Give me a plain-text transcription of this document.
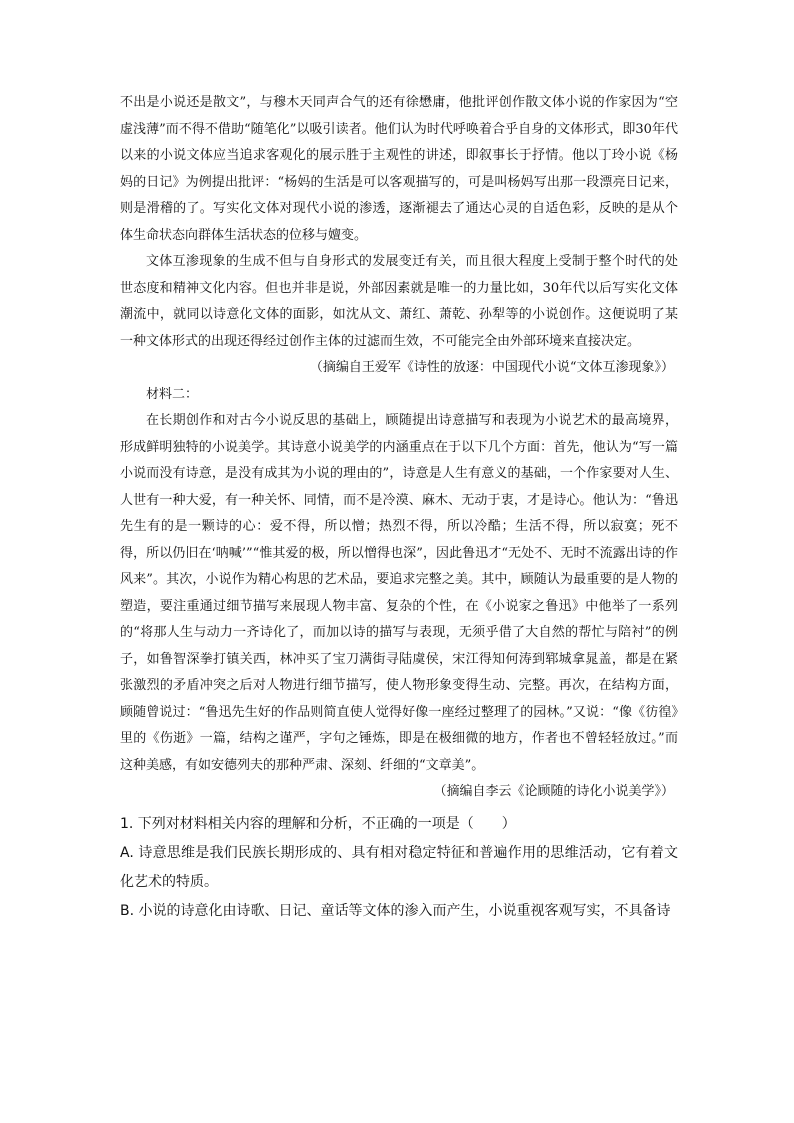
不出是小说还是散文”，与穆木天同声合气的还有徐懋庸，他批评创作散文体小说的作家因为“空虚浅薄”而不得不借助“随笔化”以吸引读者。他们认为时代呼唤着合乎自身的文体形式，即30年代以来的小说文体应当追求客观化的展示胜于主观性的讲述，即叙事长于抒情。他以丁玲小说《杨妈的日记》为例提出批评：“杨妈的生活是可以客观描写的，可是叫杨妈写出那一段漂亮日记来，则是滑稽的了。写实化文体对现代小说的渗透，逐渐褪去了通达心灵的自适色彩，反映的是从个体生命状态向群体生活状态的位移与嬗变。

文体互渗现象的生成不但与自身形式的发展变迁有关，而且很大程度上受制于整个时代的处世态度和精神文化内容。但也并非是说，外部因素就是唯一的力量比如，30年代以后写实化文体潮流中，就同以诗意化文体的面影，如沈从文、萧红、萧乾、孙犁等的小说创作。这便说明了某一种文体形式的出现还得经过创作主体的过滤而生效，不可能完全由外部环境来直接决定。

（摘编自王爱军《诗性的放逐：中国现代小说“文体互渗现象》）

材料二：

在长期创作和对古今小说反思的基础上，顾随提出诗意描写和表现为小说艺术的最高境界，形成鲜明独特的小说美学。其诗意小说美学的内涵重点在于以下几个方面：首先，他认为“写一篇小说而没有诗意，是没有成其为小说的理由的”，诗意是人生有意义的基础，一个作家要对人生、人世有一种大爱，有一种关怀、同情，而不是冷漠、麻木、无动于衷，才是诗心。他认为：“鲁迅先生有的是一颗诗的心：爱不得，所以憎；热烈不得，所以冷酷；生活不得，所以寂寞；死不得，所以仍旧在‘呐喊’”“惟其爱的极，所以憎得也深”，因此鲁迅才“无处不、无时不流露出诗的作风来”。其次，小说作为精心构思的艺术品，要追求完整之美。其中，顾随认为最重要的是人物的塑造，要注重通过细节描写来展现人物丰富、复杂的个性，在《小说家之鲁迅》中他举了一系列的“将那人生与动力一齐诗化了，而加以诗的描写与表现，无须乎借了大自然的帮忙与陪衬”的例子，如鲁智深拳打镇关西，林冲买了宝刀满街寻陆虞侯，宋江得知何涛到郓城拿晁盖，都是在紧张激烈的矛盾冲突之后对人物进行细节描写，使人物形象变得生动、完整。再次，在结构方面，顾随曾说过：“鲁迅先生好的作品则简直使人觉得好像一座经过整理了的园林。”又说：“像《彷徨》里的《伤逝》一篇，结构之谨严，字句之锤炼，即是在极细微的地方，作者也不曾轻轻放过。”而这种美感，有如安德列夫的那种严肃、深刻、纤细的“文章美”。

（摘编自李云《论顾随的诗化小说美学》）

1. 下列对材料相关内容的理解和分析，不正确的一项是（　　）

A. 诗意思维是我们民族长期形成的、具有相对稳定特征和普遍作用的思维活动，它有着文化艺术的特质。

B. 小说的诗意化由诗歌、日记、童话等文体的渗入而产生，小说重视客观写实，不具备诗
